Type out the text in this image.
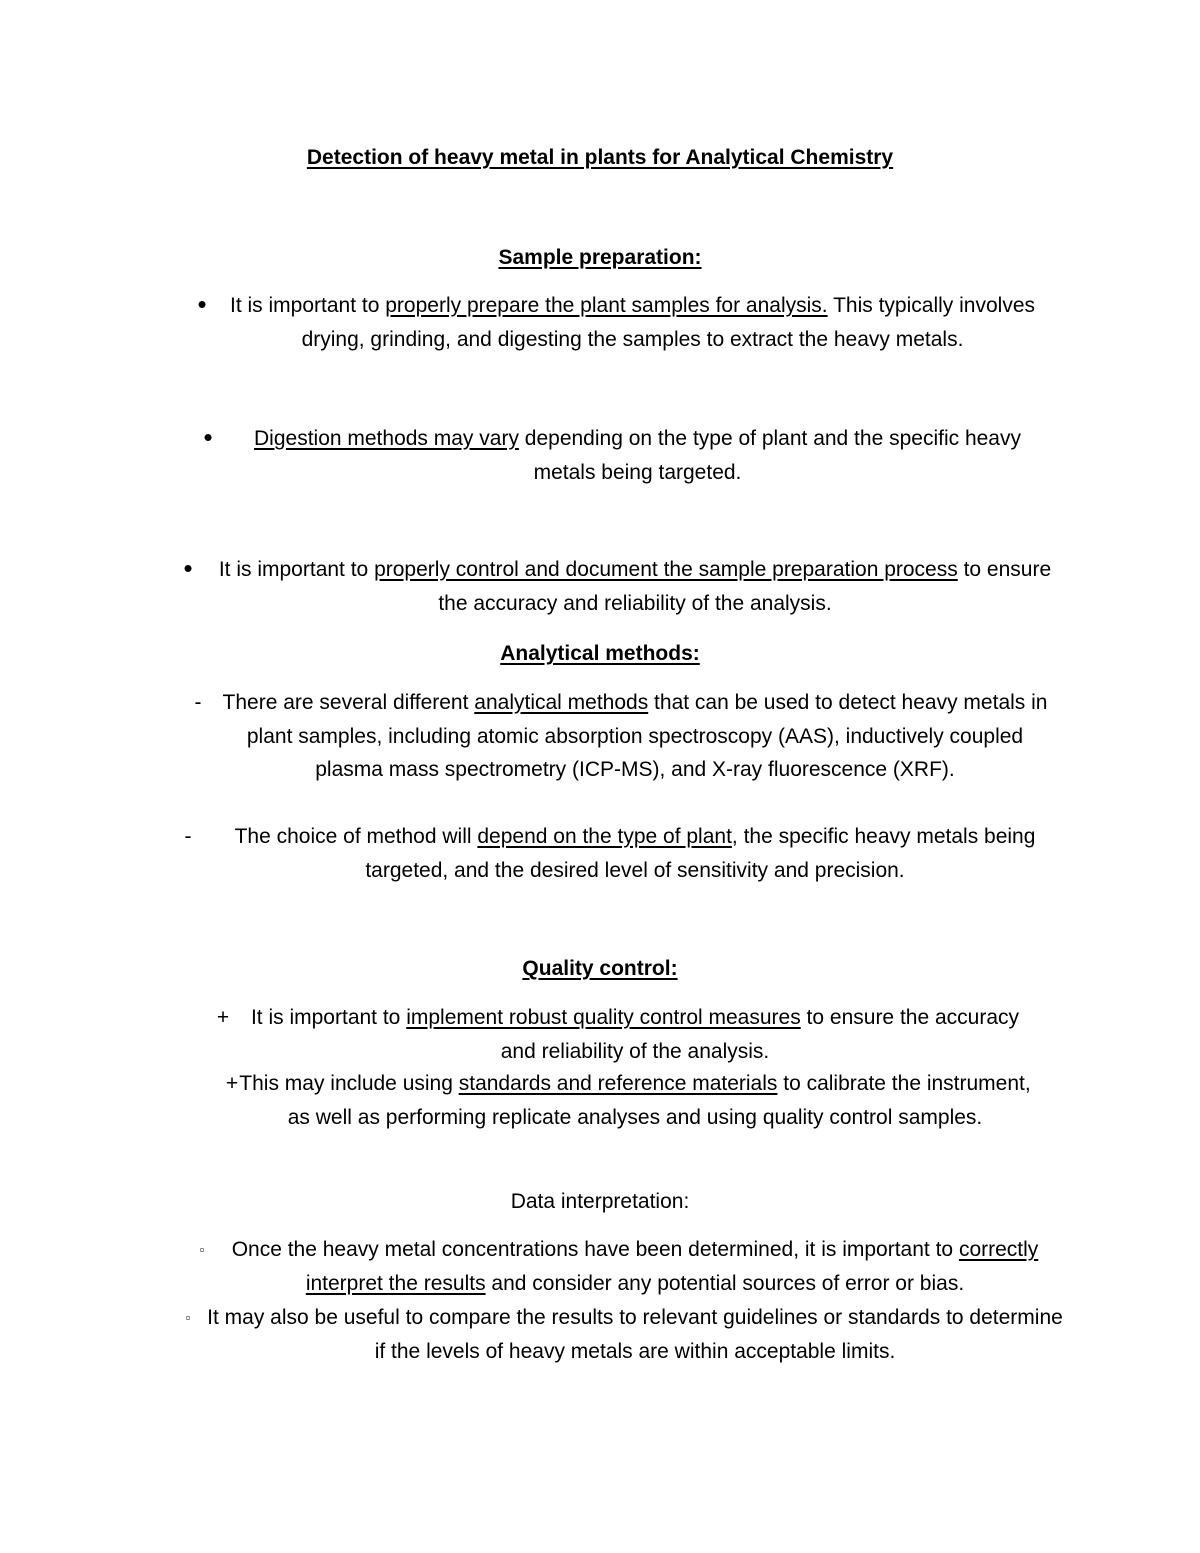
Detection of heavy metal in plants for Analytical Chemistry
Sample preparation:
•	It is important to properly prepare the plant samples for analysis. This typically involves drying, grinding, and digesting the samples to extract the heavy metals.
•	Digestion methods may vary depending on the type of plant and the specific heavy metals being targeted.
•	It is important to properly control and document the sample preparation process to ensure the accuracy and reliability of the analysis.
Analytical methods:
-	There are several different analytical methods that can be used to detect heavy metals in plant samples, including atomic absorption spectroscopy (AAS), inductively coupled plasma mass spectrometry (ICP-MS), and X-ray fluorescence (XRF).
-	The choice of method will depend on the type of plant, the specific heavy metals being targeted, and the desired level of sensitivity and precision.
Quality control:
+	It is important to implement robust quality control measures to ensure the accuracy and reliability of the analysis.
+ This may include using standards and reference materials to calibrate the instrument, as well as performing replicate analyses and using quality control samples.
Data interpretation:
▫	Once the heavy metal concentrations have been determined, it is important to correctly interpret the results and consider any potential sources of error or bias.
▫ It may also be useful to compare the results to relevant guidelines or standards to determine if the levels of heavy metals are within acceptable limits.
